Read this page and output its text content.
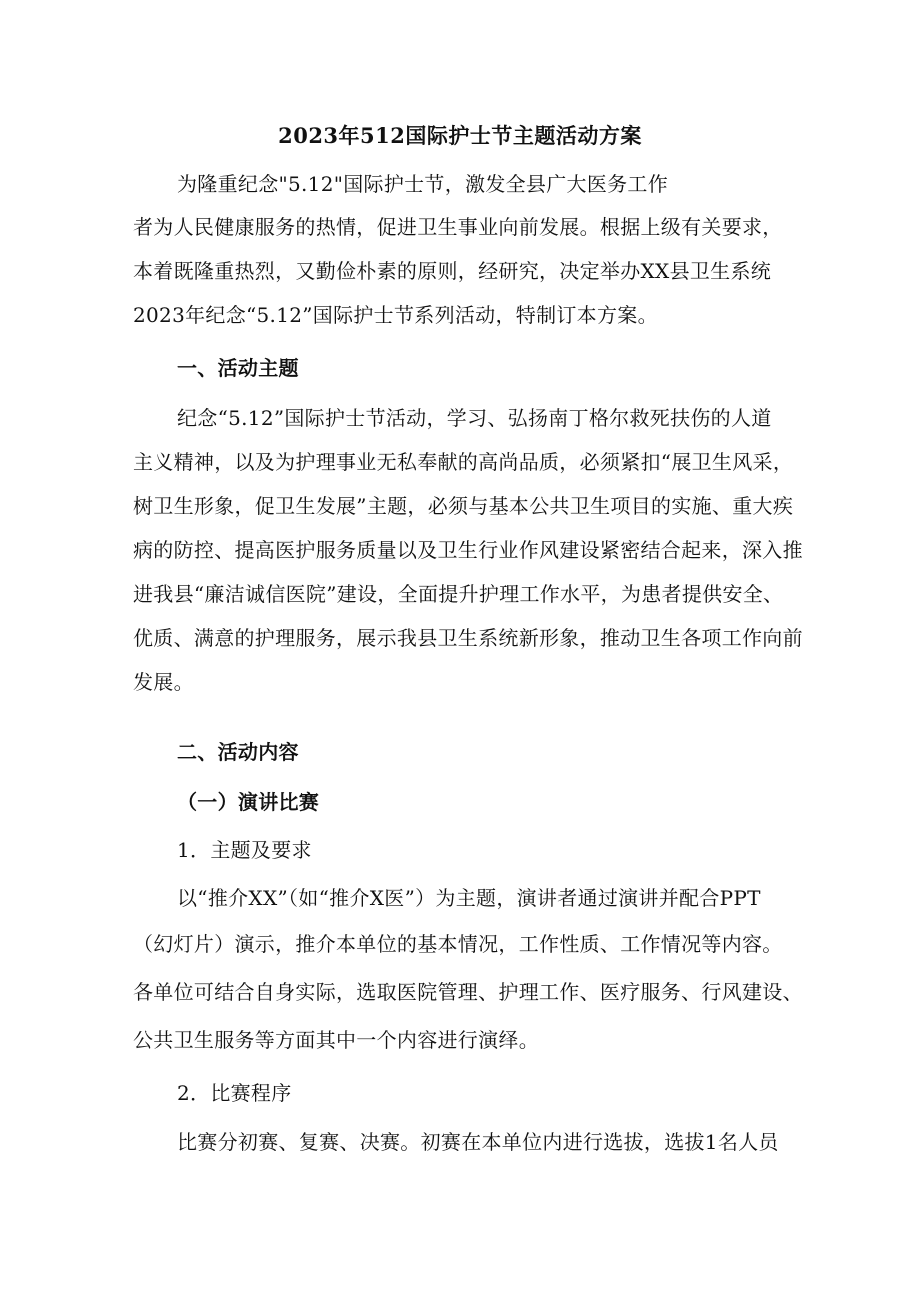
2023年512国际护士节主题活动方案
为隆重纪念"5.12"国际护士节，激发全县广大医务工作
者为人民健康服务的热情，促进卫生事业向前发展。根据上级有关要求，
本着既隆重热烈，又勤俭朴素的原则，经研究，决定举办XX县卫生系统
2023年纪念“5.12”国际护士节系列活动，特制订本方案。
一、活动主题
纪念“5.12”国际护士节活动，学习、弘扬南丁格尔救死扶伤的人道
主义精神，以及为护理事业无私奉献的高尚品质，必须紧扣“展卫生风采，
树卫生形象，促卫生发展”主题，必须与基本公共卫生项目的实施、重大疾
病的防控、提高医护服务质量以及卫生行业作风建设紧密结合起来，深入推
进我县“廉洁诚信医院”建设，全面提升护理工作水平，为患者提供安全、
优质、满意的护理服务，展示我县卫生系统新形象，推动卫生各项工作向前
发展。
二、活动内容
（一）演讲比赛
1．主题及要求
以“推介XX”（如“推介X医”）为主题，演讲者通过演讲并配合PPT
（幻灯片）演示，推介本单位的基本情况，工作性质、工作情况等内容。
各单位可结合自身实际，选取医院管理、护理工作、医疗服务、行风建设、
公共卫生服务等方面其中一个内容进行演绎。
2．比赛程序
比赛分初赛、复赛、决赛。初赛在本单位内进行选拔，选拔1名人员
